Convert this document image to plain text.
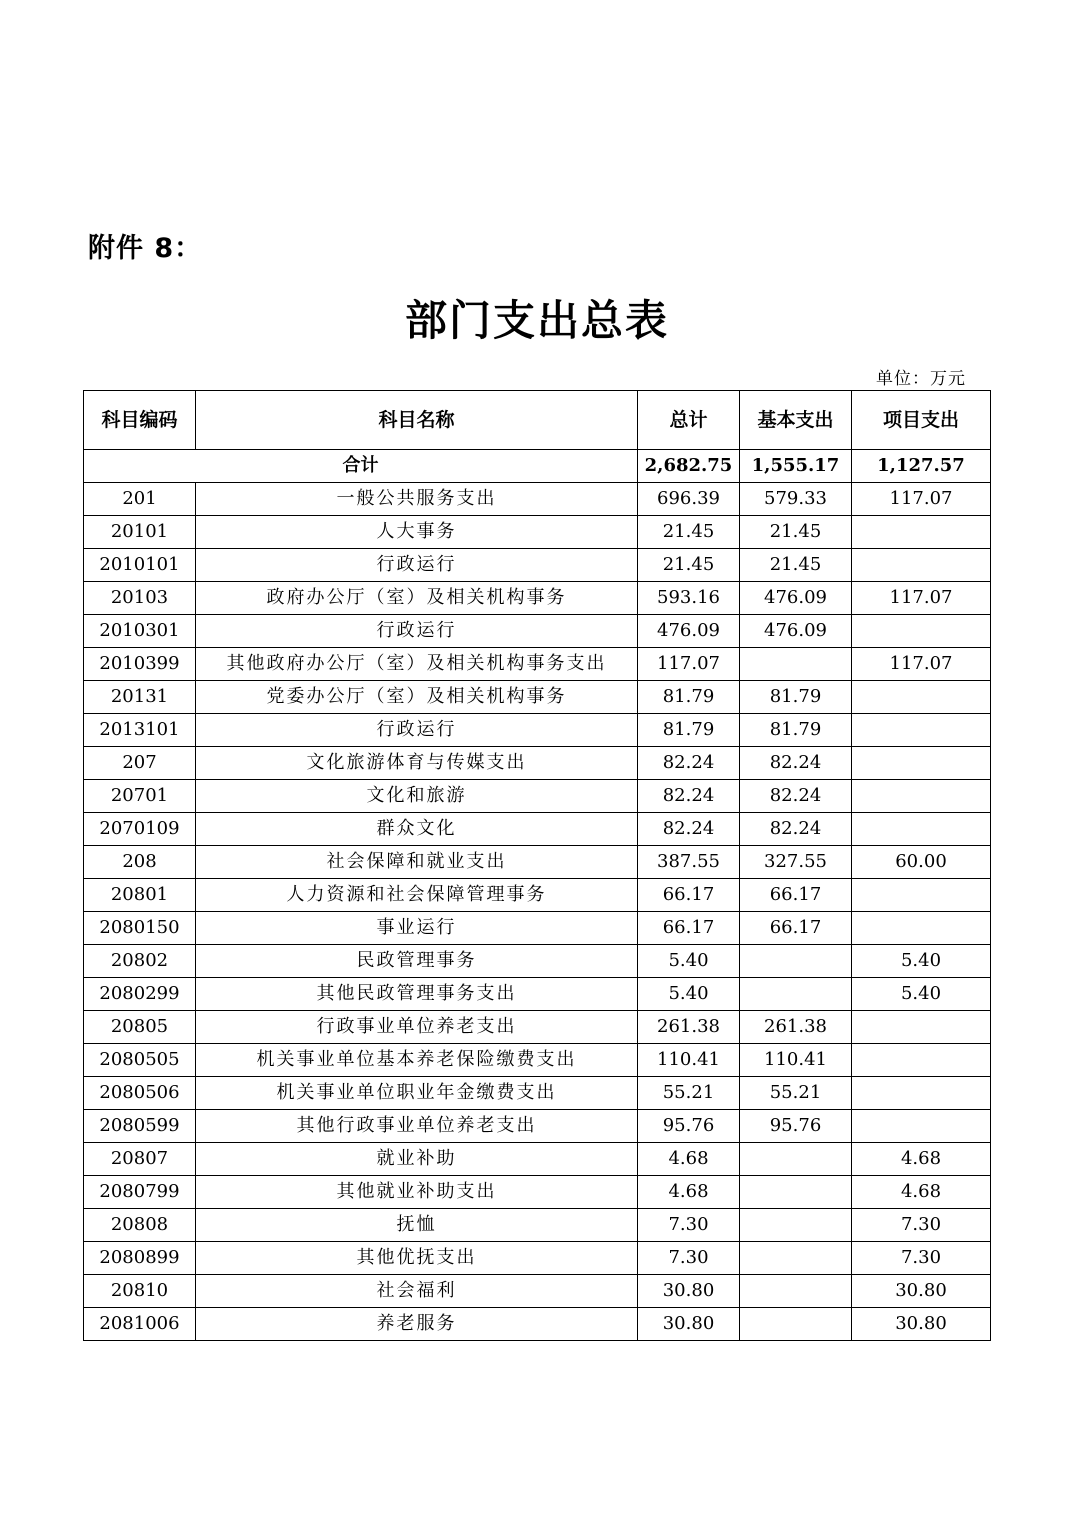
附件 8：
部门支出总表
单位：万元
科目编码	科目名称	总计	基本支出	项目支出
合计		2,682.75	1,555.17	1,127.57
201	一般公共服务支出	696.39	579.33	117.07
20101	人大事务	21.45	21.45	
2010101	行政运行	21.45	21.45	
20103	政府办公厅（室）及相关机构事务	593.16	476.09	117.07
2010301	行政运行	476.09	476.09	
2010399	其他政府办公厅（室）及相关机构事务支出	117.07		117.07
20131	党委办公厅（室）及相关机构事务	81.79	81.79	
2013101	行政运行	81.79	81.79	
207	文化旅游体育与传媒支出	82.24	82.24	
20701	文化和旅游	82.24	82.24	
2070109	群众文化	82.24	82.24	
208	社会保障和就业支出	387.55	327.55	60.00
20801	人力资源和社会保障管理事务	66.17	66.17	
2080150	事业运行	66.17	66.17	
20802	民政管理事务	5.40		5.40
2080299	其他民政管理事务支出	5.40		5.40
20805	行政事业单位养老支出	261.38	261.38	
2080505	机关事业单位基本养老保险缴费支出	110.41	110.41	
2080506	机关事业单位职业年金缴费支出	55.21	55.21	
2080599	其他行政事业单位养老支出	95.76	95.76	
20807	就业补助	4.68		4.68
2080799	其他就业补助支出	4.68		4.68
20808	抚恤	7.30		7.30
2080899	其他优抚支出	7.30		7.30
20810	社会福利	30.80		30.80
2081006	养老服务	30.80		30.80
